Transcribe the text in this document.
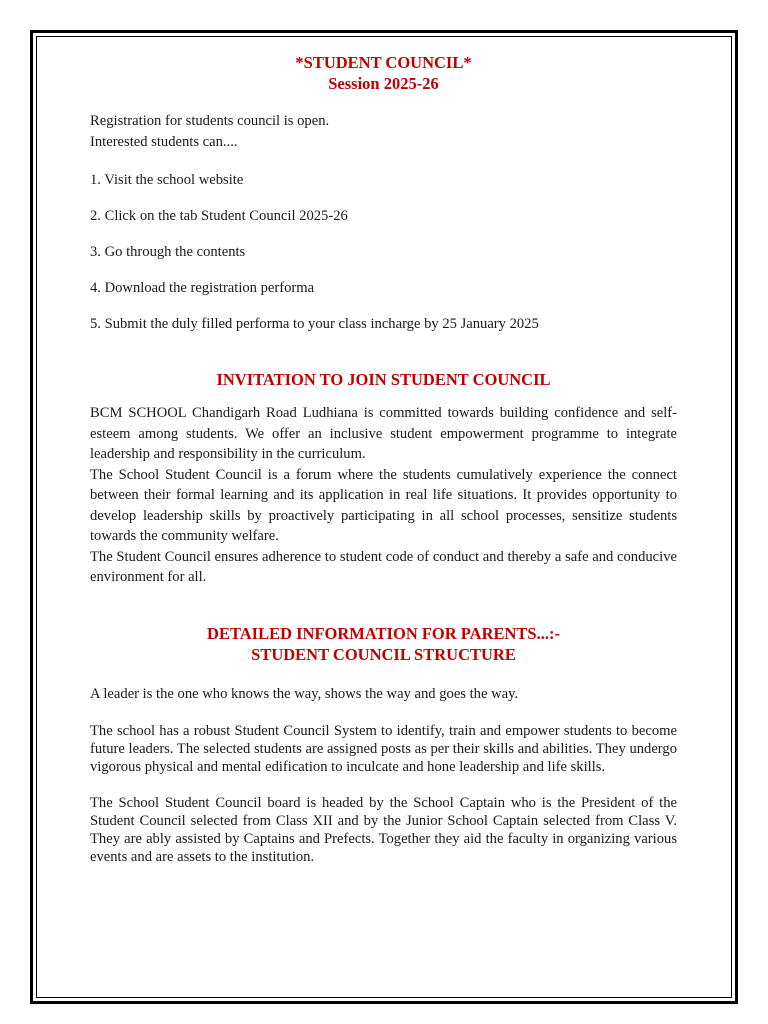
*STUDENT COUNCIL*
Session 2025-26

Registration for students council is open.

Interested students can....

1. Visit the school website

2. Click on the tab Student Council 2025-26

3. Go through the contents

4. Download the registration performa

5. Submit the duly filled performa to your class incharge by 25 January 2025

INVITATION TO JOIN STUDENT COUNCIL

BCM SCHOOL Chandigarh Road Ludhiana is committed towards building confidence and self-esteem among students. We offer an inclusive student empowerment programme to integrate leadership and responsibility in the curriculum.

The School Student Council is a forum where the students cumulatively experience the connect between their formal learning and its application in real life situations. It provides opportunity to develop leadership skills by proactively participating in all school processes, sensitize students towards the community welfare.

The Student Council ensures adherence to student code of conduct and thereby a safe and conducive environment for all.

DETAILED INFORMATION FOR PARENTS...:-
STUDENT COUNCIL STRUCTURE

A leader is the one who knows the way, shows the way and goes the way.

The school has a robust Student Council System to identify, train and empower students to become future leaders. The selected students are assigned posts as per their skills and abilities. They undergo vigorous physical and mental edification to inculcate and hone leadership and life skills.

The School Student Council board is headed by the School Captain who is the President of the Student Council selected from Class XII and by the Junior School Captain selected from Class V. They are ably assisted by Captains and Prefects. Together they aid the faculty in organizing various events and are assets to the institution.
